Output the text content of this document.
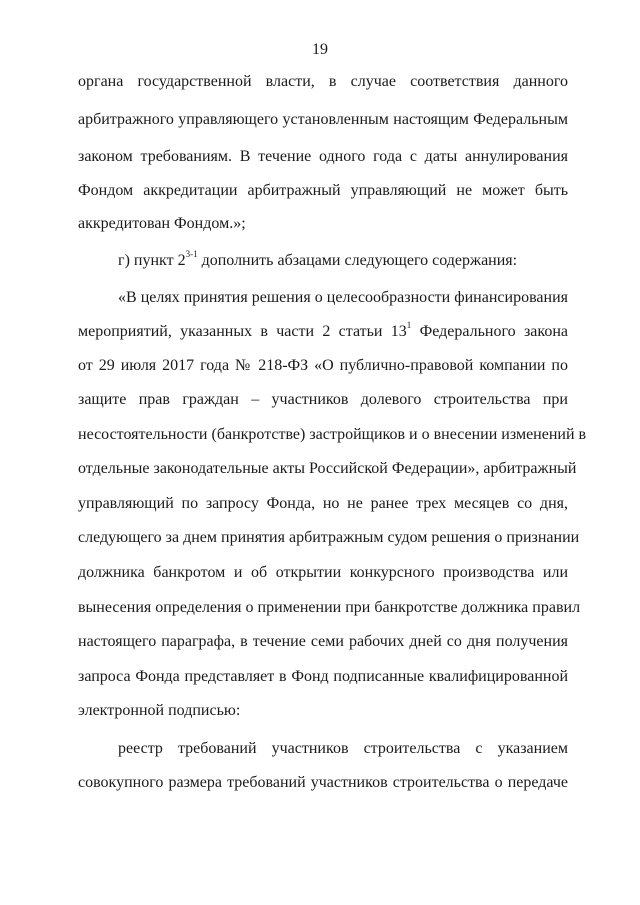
19
органа государственной власти, в случае соответствия данного
арбитражного управляющего установленным настоящим Федеральным
законом требованиям. В течение одного года с даты аннулирования
Фондом аккредитации арбитражный управляющий не может быть
аккредитован Фондом.»;
г) пункт 2$^{3-1}$ дополнить абзацами следующего содержания:
«В целях принятия решения о целесообразности финансирования
мероприятий, указанных в части 2 статьи $13^1$ Федерального закона
от 29 июля 2017 года № 218-ФЗ «О публично-правовой компании по
защите прав граждан – участников долевого строительства при
несостоятельности (банкротстве) застройщиков и о внесении изменений в
отдельные законодательные акты Российской Федерации», арбитражный
управляющий по запросу Фонда, но не ранее трех месяцев со дня,
следующего за днем принятия арбитражным судом решения о признании
должника банкротом и об открытии конкурсного производства или
вынесения определения о применении при банкротстве должника правил
настоящего параграфа, в течение семи рабочих дней со дня получения
запроса Фонда представляет в Фонд подписанные квалифицированной
электронной подписью:
реестр требований участников строительства с указанием
совокупного размера требований участников строительства о передаче
